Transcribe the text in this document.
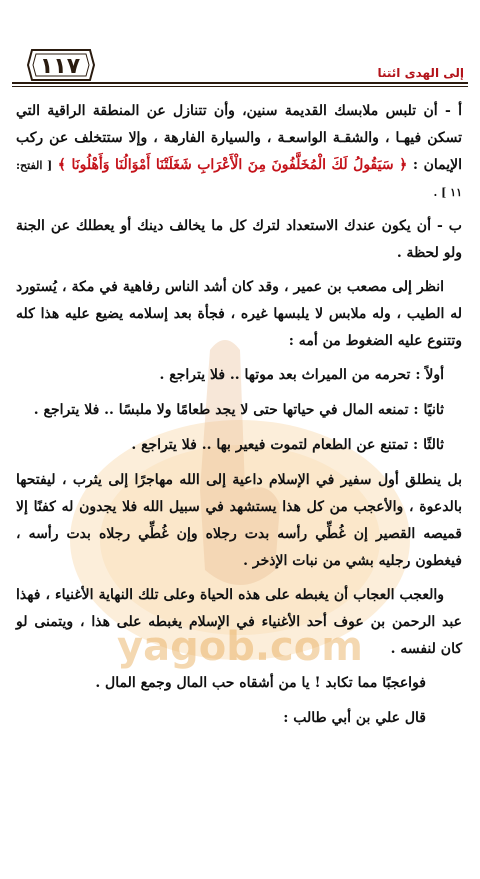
yagob.com
١١٧	إلى الهدى ائتنا

أ - أن تلبس ملابسك القديمة سنين، وأن تتنازل عن المنطقة الراقية التي تسكن فيهـا ، والشقـة الواسعـة ، والسيارة الفارهة ، وإلا ستتخلف عن ركب الإيمان : ﴿ سَيَقُولُ لَكَ الْمُخَلَّفُونَ مِنَ الْأَعْرَابِ شَغَلَتْنَا أَمْوَالُنَا وَأَهْلُونَا ﴾ [ الفتح: ١١ ] .

ب - أن يكون عندك الاستعداد لترك كل ما يخالف دينك أو يعطلك عن الجنة ولو لحظة .

انظر إلى مصعب بن عمير ، وقد كان أشد الناس رفاهية في مكة ، يُستورد له الطيب ، وله ملابس لا يلبسها غيره ، فجأة بعد إسلامه يضيع عليه هذا كله وتتنوع عليه الضغوط من أمه :

أولاً : تحرمه من الميراث بعد موتها .. فلا يتراجع .

ثانيًا : تمنعه المال في حياتها حتى لا يجد طعامًا ولا ملبسًا .. فلا يتراجع .

ثالثًا : تمتنع عن الطعام لتموت فيعير بها .. فلا يتراجع .

بل ينطلق أول سفير في الإسلام داعية إلى الله مهاجرًا إلى يثرب ، ليفتحها بالدعوة ، والأعجب من كل هذا يستشهد في سبيل الله فلا يجدون له كفنًا إلا قميصه القصير إن غُطِّي رأسه بدت رجلاه وإن غُطِّي رجلاه بدت رأسه ، فيغطون رجليه بشي من نبات الإذخر .

والعجب العجاب أن يغبطه على هذه الحياة وعلى تلك النهاية الأغنياء ، فهذا عبد الرحمن بن عوف أحد الأغنياء في الإسلام يغبطه على هذا ، ويتمنى لو كان لنفسه .

فواعجبًا مما تكابد ! يا من أشقاه حب المال وجمع المال .

قال علي بن أبي طالب :
